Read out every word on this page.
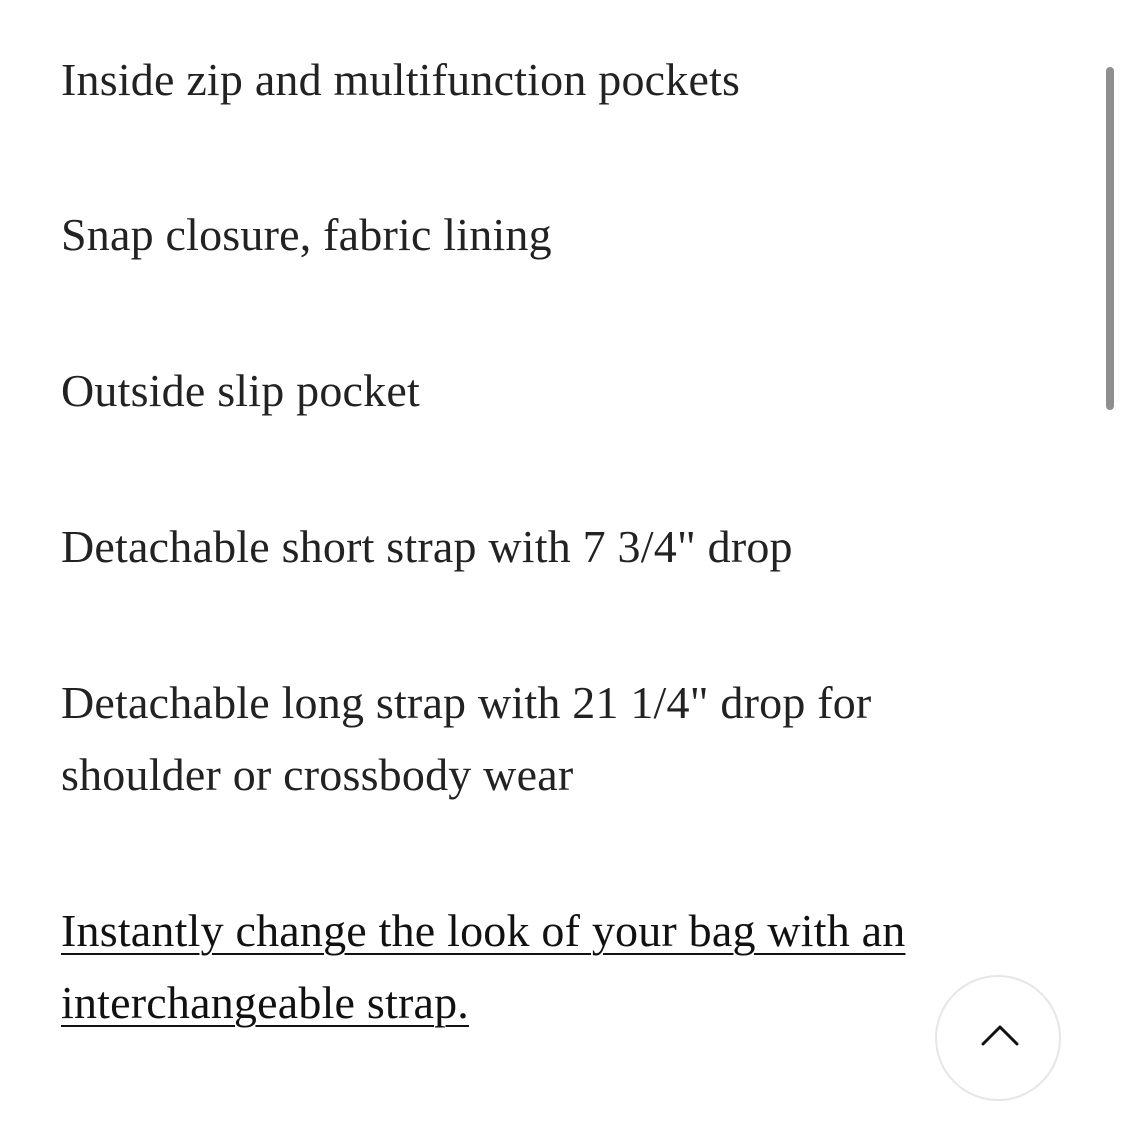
Inside zip and multifunction pockets
Snap closure, fabric lining
Outside slip pocket
Detachable short strap with 7 3/4" drop
Detachable long strap with 21 1/4" drop for shoulder or crossbody wear
Instantly change the look of your bag with an interchangeable strap.
